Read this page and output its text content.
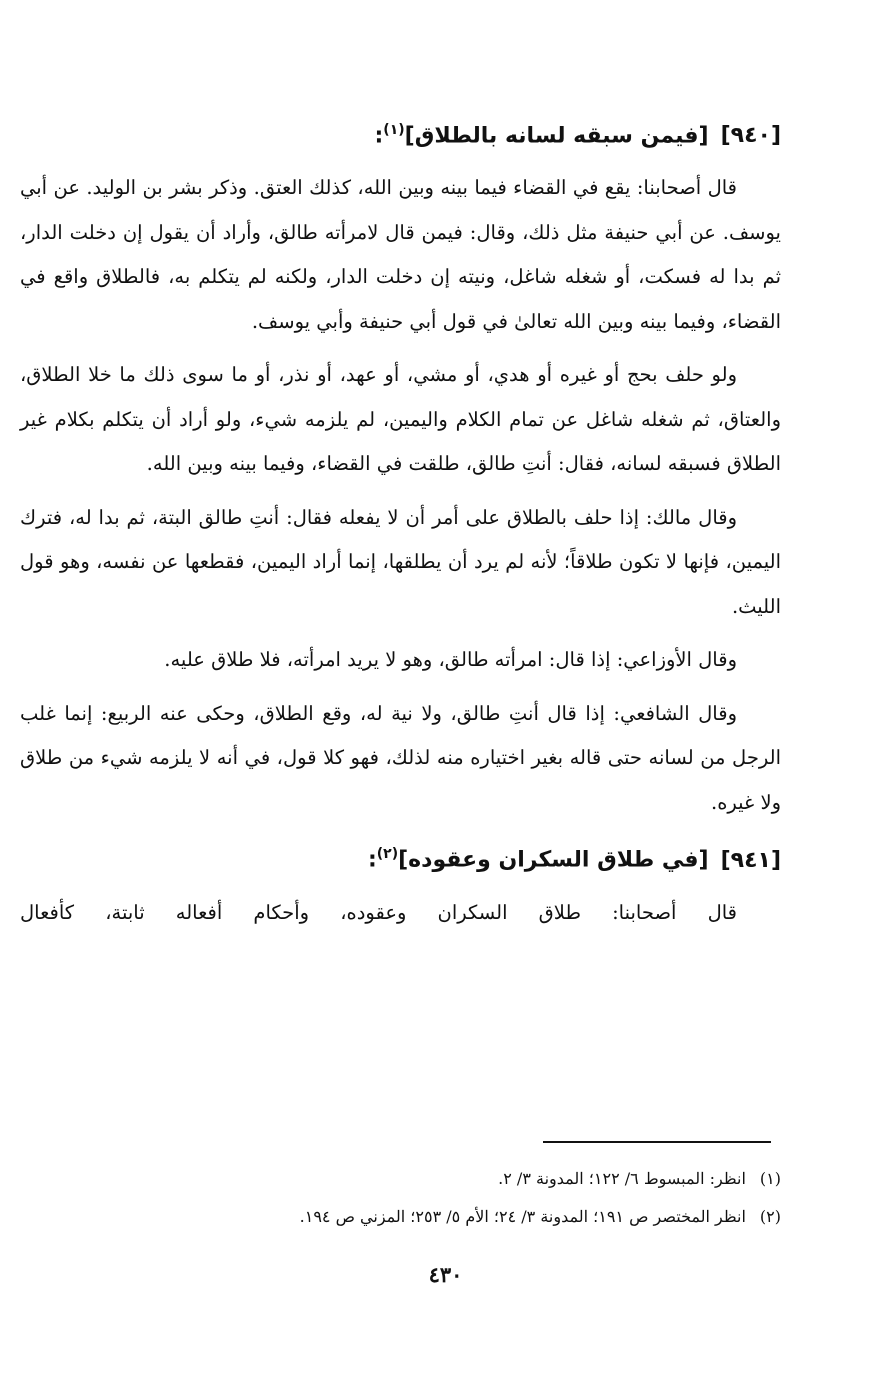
[٩٤٠][فيمن سبقه لسانه بالطلاق]$^{(١)}$:

قال أصحابنا: يقع في القضاء فيما بينه وبين الله، كذلك العتق. وذكر بشر بن الوليد. عن أبي يوسف. عن أبي حنيفة مثل ذلك، وقال: فيمن قال لامرأته طالق، وأراد أن يقول إن دخلت الدار، ثم بدا له فسكت، أو شغله شاغل، ونيته إن دخلت الدار، ولكنه لم يتكلم به، فالطلاق واقع في القضاء، وفيما بينه وبين الله تعالىٰ في قول أبي حنيفة وأبي يوسف.

ولو حلف بحج أو غيره أو هدي، أو مشي، أو عهد، أو نذر، أو ما سوى ذلك ما خلا الطلاق، والعتاق، ثم شغله شاغل عن تمام الكلام واليمين، لم يلزمه شيء، ولو أراد أن يتكلم بكلام غير الطلاق فسبقه لسانه، فقال: أنتِ طالق، طلقت في القضاء، وفيما بينه وبين الله.

وقال مالك: إذا حلف بالطلاق على أمر أن لا يفعله فقال: أنتِ طالق البتة، ثم بدا له، فترك اليمين، فإنها لا تكون طلاقاً؛ لأنه لم يرد أن يطلقها، إنما أراد اليمين، فقطعها عن نفسه، وهو قول الليث.

وقال الأوزاعي: إذا قال: امرأته طالق، وهو لا يريد امرأته، فلا طلاق عليه.

وقال الشافعي: إذا قال أنتِ طالق، ولا نية له، وقع الطلاق، وحكى عنه الربيع: إنما غلب الرجل من لسانه حتى قاله بغير اختياره منه لذلك، فهو كلا قول، في أنه لا يلزمه شيء من طلاق ولا غيره.

[٩٤١][في طلاق السكران وعقوده]$^{(٢)}$:

قال أصحابنا: طلاق السكران وعقوده، وأحكام أفعاله ثابتة، كأفعال

(١)انظر: المبسوط ٦/ ١٢٢؛ المدونة ٣/ ٢.
(٢)انظر المختصر ص ١٩١؛ المدونة ٣/ ٢٤؛ الأم ٥/ ٢٥٣؛ المزني ص ١٩٤.
٤٣٠
